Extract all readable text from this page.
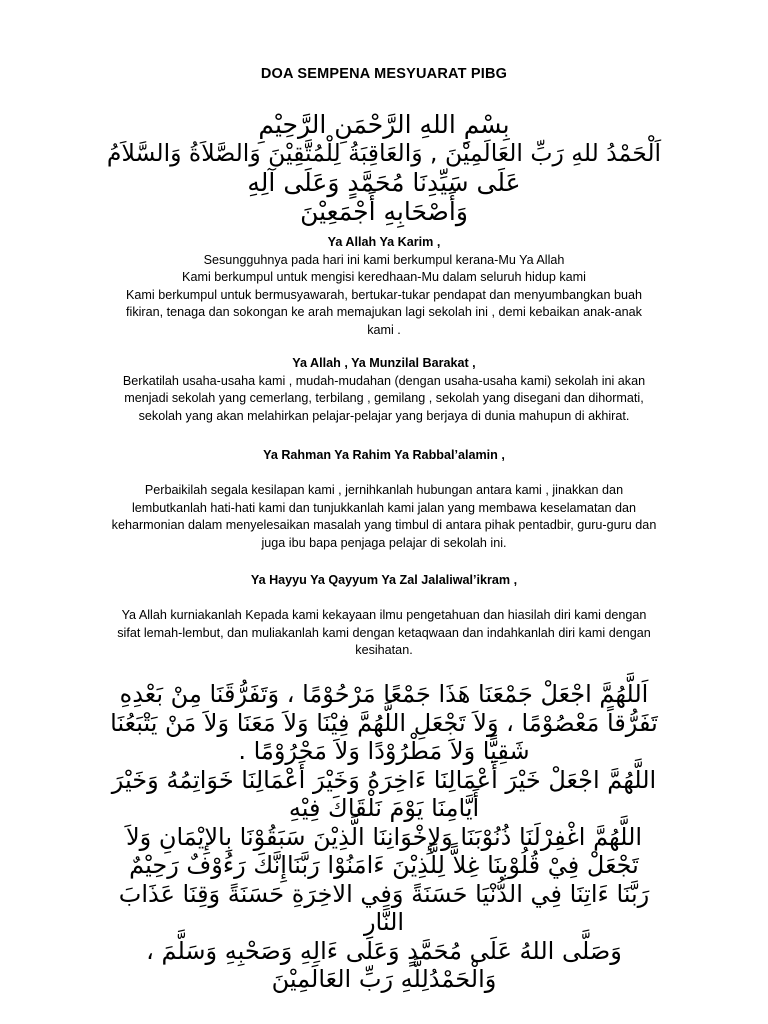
DOA SEMPENA MESYUARAT PIBG
بِسْمِ اللهِ الرَّحْمَنِ الرَّحِيْمِ
اَلْحَمْدُ للهِ رَبِّ العَالَمِيْنَ , وَالعَاقِبَةُ لِلْمُتَّقِيْنَ وَالصَّلاَةُ وَالسَّلاَمُ
عَلَى سَيِّدِنَا مُحَمَّدٍ وَعَلَى آلِهِ
وَأَصْحَابِهِ أَجْمَعِيْنَ
Ya Allah Ya Karim ,
Sesungguhnya pada hari ini kami berkumpul kerana-Mu Ya Allah
Kami berkumpul untuk mengisi keredhaan-Mu dalam seluruh hidup kami
Kami berkumpul untuk bermusyawarah, bertukar-tukar pendapat dan menyumbangkan buah
fikiran, tenaga dan sokongan ke arah memajukan lagi sekolah ini , demi kebaikan anak-anak
kami .
Ya Allah , Ya Munzilal Barakat ,
Berkatilah usaha-usaha kami , mudah-mudahan (dengan usaha-usaha kami) sekolah ini akan
menjadi sekolah yang cemerlang, terbilang , gemilang , sekolah yang disegani dan dihormati,
sekolah yang akan melahirkan pelajar-pelajar yang berjaya di dunia mahupun di akhirat.
Ya Rahman Ya Rahim Ya Rabbal’alamin ,
Perbaikilah segala kesilapan kami , jernihkanlah hubungan antara kami , jinakkan dan
lembutkanlah hati-hati kami dan tunjukkanlah kami jalan yang membawa keselamatan dan
keharmonian dalam menyelesaikan masalah yang timbul di antara pihak pentadbir, guru-guru dan
juga ibu bapa penjaga pelajar di sekolah ini.
Ya Hayyu Ya Qayyum Ya Zal Jalaliwal’ikram ,
Ya Allah kurniakanlah Kepada kami kekayaan ilmu pengetahuan dan hiasilah diri kami dengan
sifat lemah-lembut, dan muliakanlah kami dengan ketaqwaan dan indahkanlah diri kami dengan
kesihatan.
اَللَّهُمَّ اجْعَلْ جَمْعَنَا هَذَا جَمْعًا مَرْحُوْمًا ، وَتَفَرُّقَنَا مِنْ بَعْدِهِ
تَفَرُّقاً مَعْصُوْمًا ، وَلاَ تَجْعَلِ اللَّهُمَّ فِيْنَا وَلاَ مَعَنَا وَلاَ مَنْ يَتْبَعُنَا
شَقِيًّا وَلاَ مَطْرُوْدًا وَلاَ مَحْرُوْمًا .
اللَّهُمَّ اجْعَلْ خَيْرَ أَعْمَالِنَا ءَاخِرَهُ وَخَيْرَ أَعْمَالِنَا خَوَاتِمُهُ وَخَيْرَ
أَيَّامِنَا يَوْمَ نَلْقَاكَ فِيْهِ
اللَّهُمَّ اغْفِرْلَنَا ذُنُوْبَنَا وَلإِخْوَانِنَا الَّذِيْنَ سَبَقُوْنَا بِالإِيْمَانِ وَلاَ
تَجْعَلْ فِيْ قُلُوْبِنَا غِلاًّ لِلَّذِيْنَ ءَامَنُوْا رَبَّنَاإِنَّكَ رَءُوْفٌ رَحِيْمٌ
رَبَّنَا ءَاتِنَا فِي الدُّنْيَا حَسَنَةً وَفِي الاخِرَةِ حَسَنَةً وَقِنَا عَذَابَ
النَّارِ
وَصَلَّى اللهُ عَلَى مُحَمَّدٍ وَعَلَى ءَالِهِ وَصَحْبِهِ وَسَلَّمَ ،
وَالْحَمْدُلِلَّهِ رَبِّ العَالَمِيْنَ
